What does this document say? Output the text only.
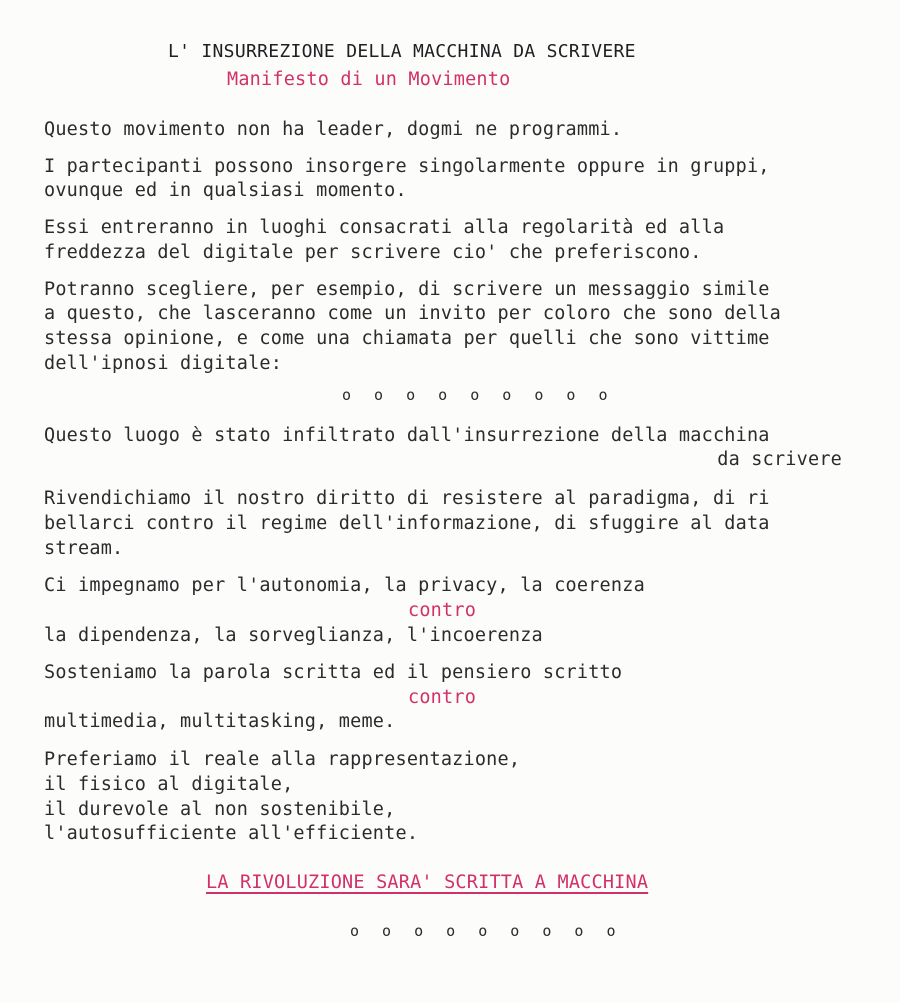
L' INSURREZIONE DELLA MACCHINA DA SCRIVERE
Manifesto di un Movimento
Questo movimento non ha leader, dogmi ne programmi.
I partecipanti possono insorgere singolarmente oppure in gruppi,
ovunque ed in qualsiasi momento.
Essi entreranno in luoghi consacrati alla regolarità ed alla
freddezza del digitale per scrivere cio' che preferiscono.
Potranno scegliere, per esempio, di scrivere un messaggio simile
a questo, che lasceranno come un invito per coloro che sono della
stessa opinione, e come una chiamata per quelli che sono vittime
dell'ipnosi digitale:
o o o o o o o o o
Questo luogo è stato infiltrato dall'insurrezione della macchina
da scrivere
Rivendichiamo il nostro diritto di resistere al paradigma, di ri
bellarci contro il regime dell'informazione, di sfuggire al data
stream.
Ci impegnamo per l'autonomia, la privacy, la coerenza
contro
la dipendenza, la sorveglianza, l'incoerenza
Sosteniamo la parola scritta ed il pensiero scritto
contro
multimedia, multitasking, meme.
Preferiamo il reale alla rappresentazione,
il fisico al digitale,
il durevole al non sostenibile,
l'autosufficiente all'efficiente.
LA RIVOLUZIONE SARA' SCRITTA A MACCHINA
o o o o o o o o o
